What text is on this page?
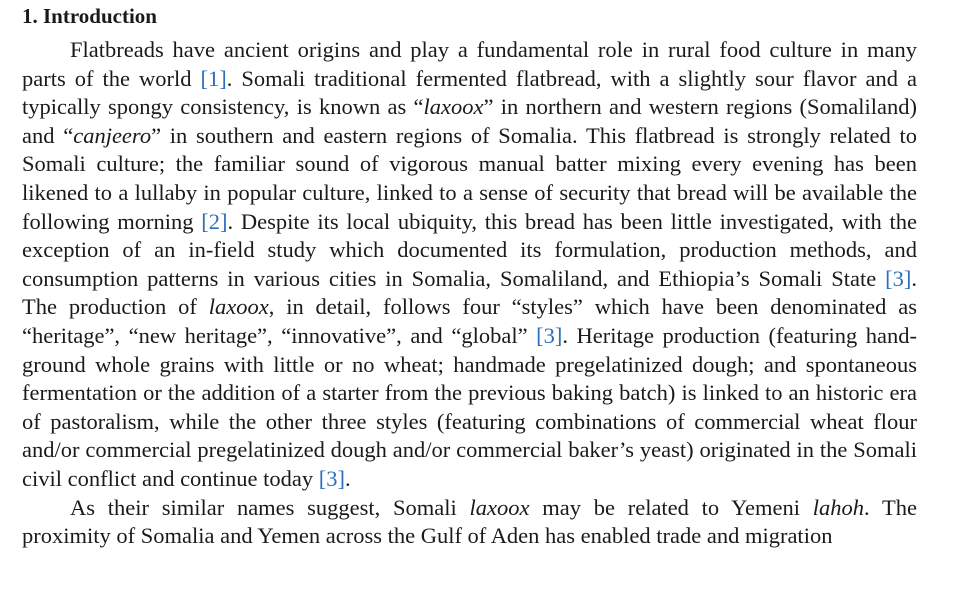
1. Introduction

Flatbreads have ancient origins and play a fundamental role in rural food culture in many parts of the world [1]. Somali traditional fermented flatbread, with a slightly sour flavor and a typically spongy consistency, is known as “laxoox” in northern and western regions (Somaliland) and “canjeero” in southern and eastern regions of Somalia. This flatbread is strongly related to Somali culture; the familiar sound of vigorous manual batter mixing every evening has been likened to a lullaby in popular culture, linked to a sense of security that bread will be available the following morning [2]. Despite its local ubiquity, this bread has been little investigated, with the exception of an in-field study which documented its formulation, production methods, and consumption patterns in various cities in Somalia, Somaliland, and Ethiopia’s Somali State [3]. The production of laxoox, in detail, follows four “styles” which have been denominated as “heritage”, “new heritage”, “innovative”, and “global” [3]. Heritage production (featuring hand-ground whole grains with little or no wheat; handmade pregelatinized dough; and spontaneous fermentation or the addition of a starter from the previous baking batch) is linked to an historic era of pastoralism, while the other three styles (featuring combinations of commercial wheat flour and/or commercial pregelatinized dough and/or commercial baker’s yeast) originated in the Somali civil conflict and continue today [3].

As their similar names suggest, Somali laxoox may be related to Yemeni lahoh. The proximity of Somalia and Yemen across the Gulf of Aden has enabled trade and migration
